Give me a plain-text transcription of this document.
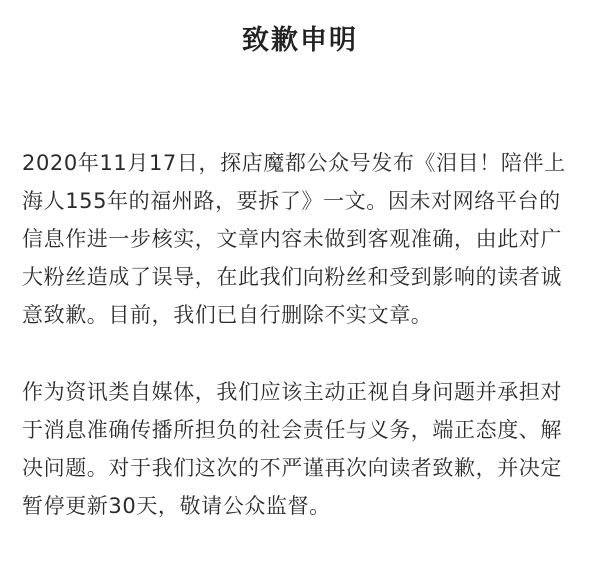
致歉申明

2020年11月17日，探店魔都公众号发布《泪目！陪伴上海人155年的福州路，要拆了》一文。因未对网络平台的信息作进一步核实，文章内容未做到客观准确，由此对广大粉丝造成了误导，在此我们向粉丝和受到影响的读者诚意致歉。目前，我们已自行删除不实文章。

作为资讯类自媒体，我们应该主动正视自身问题并承担对于消息准确传播所担负的社会责任与义务，端正态度、解决问题。对于我们这次的不严谨再次向读者致歉，并决定暂停更新30天，敬请公众监督。
